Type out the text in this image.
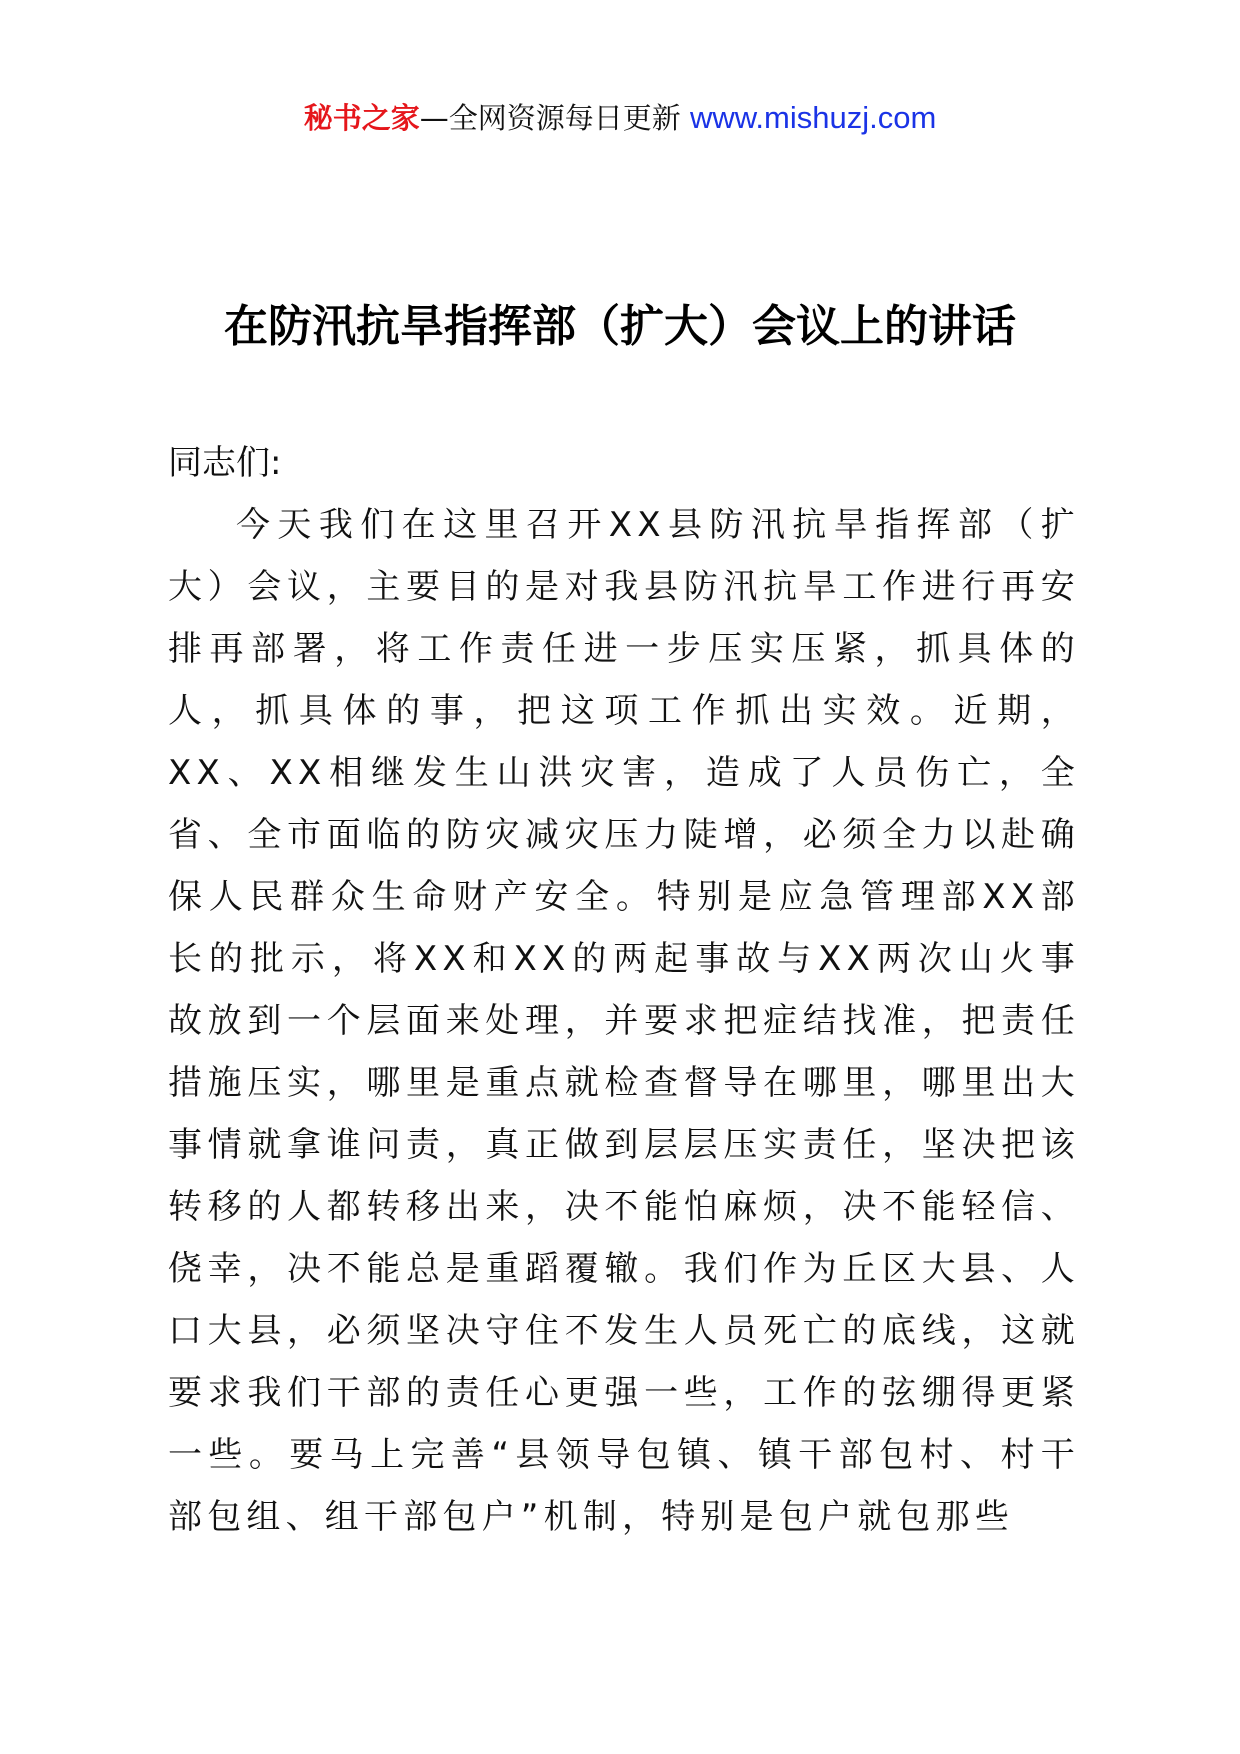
秘书之家—全网资源每日更新 www.mishuzj.com
在防汛抗旱指挥部（扩大）会议上的讲话

同志们:

今天我们在这里召开XX县防汛抗旱指挥部（扩大）会议，主要目的是对我县防汛抗旱工作进行再安排再部署，将工作责任进一步压实压紧，抓具体的人，抓具体的事，把这项工作抓出实效。近期，XX、XX相继发生山洪灾害，造成了人员伤亡，全省、全市面临的防灾减灾压力陡增，必须全力以赴确保人民群众生命财产安全。特别是应急管理部XX部长的批示，将XX和XX的两起事故与XX两次山火事故放到一个层面来处理，并要求把症结找准，把责任措施压实，哪里是重点就检查督导在哪里，哪里出大事情就拿谁问责，真正做到层层压实责任，坚决把该转移的人都转移出来，决不能怕麻烦，决不能轻信、侥幸，决不能总是重蹈覆辙。我们作为丘区大县、人口大县，必须坚决守住不发生人员死亡的底线，这就要求我们干部的责任心更强一些，工作的弦绷得更紧一些。要马上完善“县领导包镇、镇干部包村、村干部包组、组干部包户”机制，特别是包户就包那些
